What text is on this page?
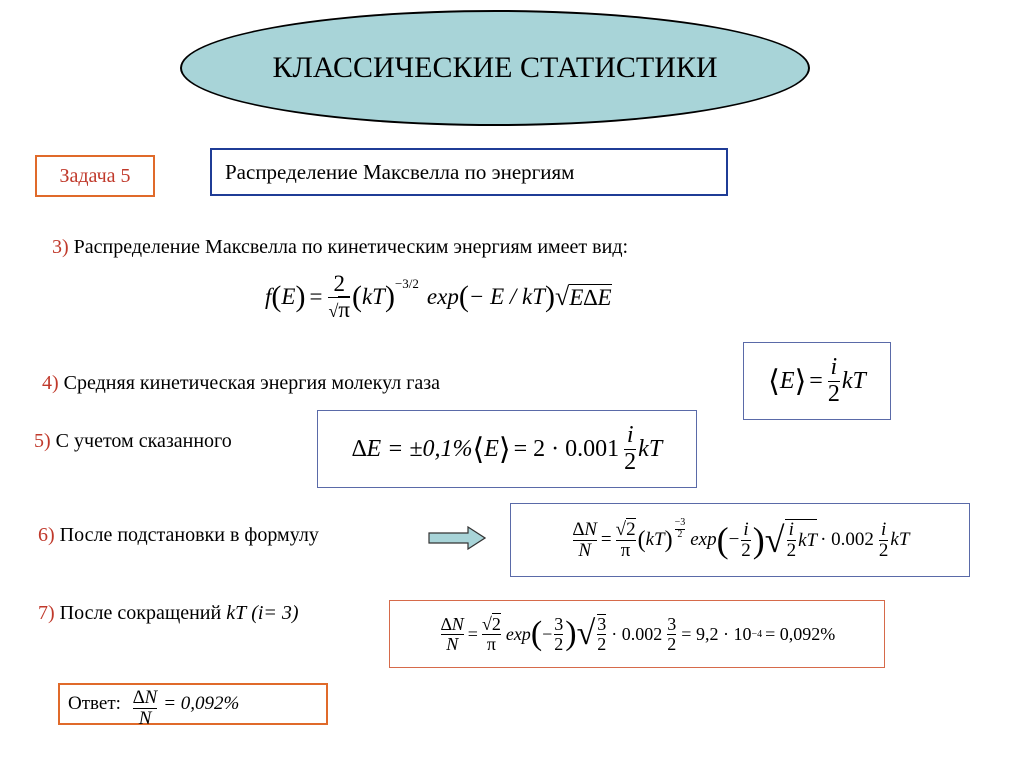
КЛАССИЧЕСКИЕ СТАТИСТИКИ
Задача 5	Распределение Максвелла по энергиям
3) Распределение Максвелла по кинетическим энергиям имеет вид:
f ( E ) = $\frac{2}{√\pi}$ ( kT )$^{-3/2}$
exp ( − E / kT ) √ E∆E
4) Средняя кинетическая энергия молекул газа	⟨ E ⟩ = $\frac{i}{2}$ kT
5) С учетом сказанного	∆E = ±0,1% ⟨ E ⟩ = $2 \cdot 0.001 \frac{i}{2}$ kT
6) После подстановки в формулу	$\frac{\Delta N}{N} = \frac{√2}{\pi}$ ( kT ) $\frac{-3}{2}$ exp ( − $\frac{i}{2}$ ) √ $\frac{i}{2}$ kT · $0.002 \frac{i}{2}$ kT
7) После сокращений kT (i= 3)
$\frac{\Delta N}{N} = \frac{√2}{\pi}$ exp ( − $\frac{3}{2}$ ) √ $\frac{3}{2} \cdot 0.002 \frac{3}{2} = 9,2 \cdot 10 -4 = 0,092\%$
Ответ: $\frac{\Delta N}{N} = 0,092\%$
